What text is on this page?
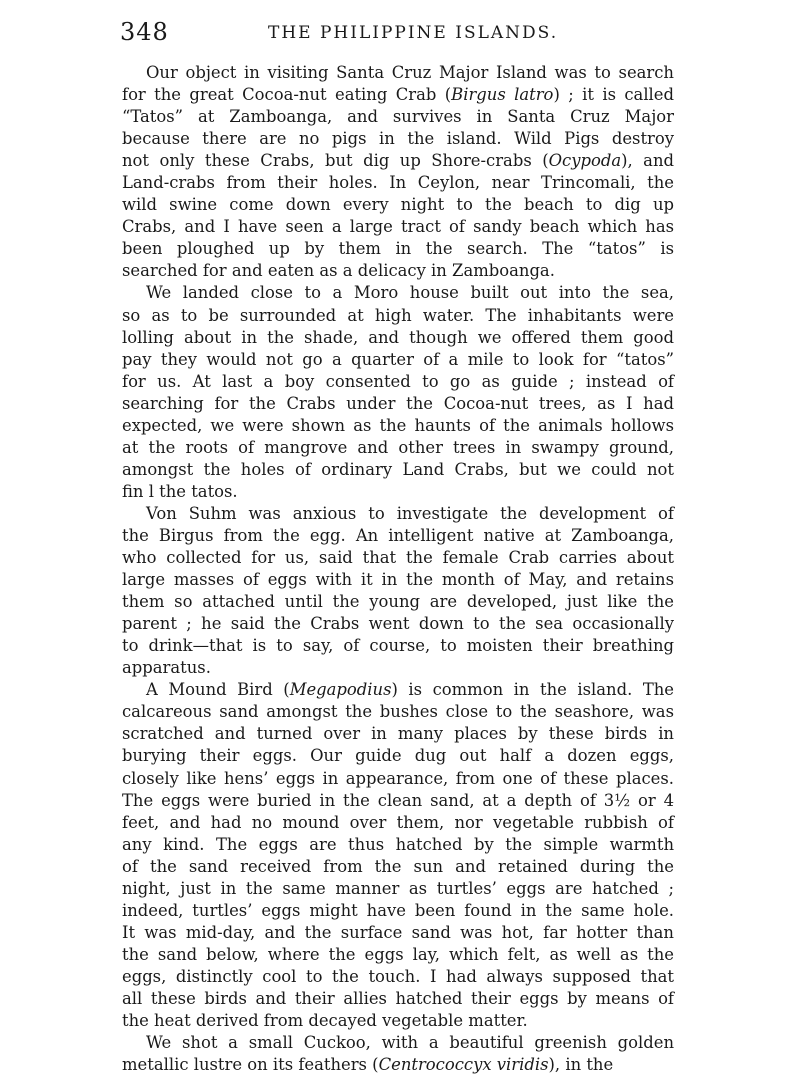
348	THE PHILIPPINE ISLANDS.
Our object in visiting Santa Cruz Major Island was to search
for the great Cocoa-nut eating Crab (Birgus latro) ; it is called
“Tatos” at Zamboanga, and survives in Santa Cruz Major
because there are no pigs in the island. Wild Pigs destroy
not only these Crabs, but dig up Shore-crabs (Ocypoda), and
Land-crabs from their holes. In Ceylon, near Trincomali, the
wild swine come down every night to the beach to dig up
Crabs, and I have seen a large tract of sandy beach which has
been ploughed up by them in the search. The “tatos” is
searched for and eaten as a delicacy in Zamboanga.
We landed close to a Moro house built out into the sea,
so as to be surrounded at high water. The inhabitants were
lolling about in the shade, and though we offered them good
pay they would not go a quarter of a mile to look for “tatos”
for us. At last a boy consented to go as guide ; instead of
searching for the Crabs under the Cocoa-nut trees, as I had
expected, we were shown as the haunts of the animals hollows
at the roots of mangrove and other trees in swampy ground,
amongst the holes of ordinary Land Crabs, but we could not
fin l the tatos.
Von Suhm was anxious to investigate the development of
the Birgus from the egg. An intelligent native at Zamboanga,
who collected for us, said that the female Crab carries about
large masses of eggs with it in the month of May, and retains
them so attached until the young are developed, just like the
parent ; he said the Crabs went down to the sea occasionally
to drink—that is to say, of course, to moisten their breathing
apparatus.
A Mound Bird (Megapodius) is common in the island. The
calcareous sand amongst the bushes close to the seashore, was
scratched and turned over in many places by these birds in
burying their eggs. Our guide dug out half a dozen eggs,
closely like hens’ eggs in appearance, from one of these places.
The eggs were buried in the clean sand, at a depth of 3½ or 4
feet, and had no mound over them, nor vegetable rubbish of
any kind. The eggs are thus hatched by the simple warmth
of the sand received from the sun and retained during the
night, just in the same manner as turtles’ eggs are hatched ;
indeed, turtles’ eggs might have been found in the same hole.
It was mid-day, and the surface sand was hot, far hotter than
the sand below, where the eggs lay, which felt, as well as the
eggs, distinctly cool to the touch. I had always supposed that
all these birds and their allies hatched their eggs by means of
the heat derived from decayed vegetable matter.
We shot a small Cuckoo, with a beautiful greenish golden
metallic lustre on its feathers (Centrococcyx viridis), in the
